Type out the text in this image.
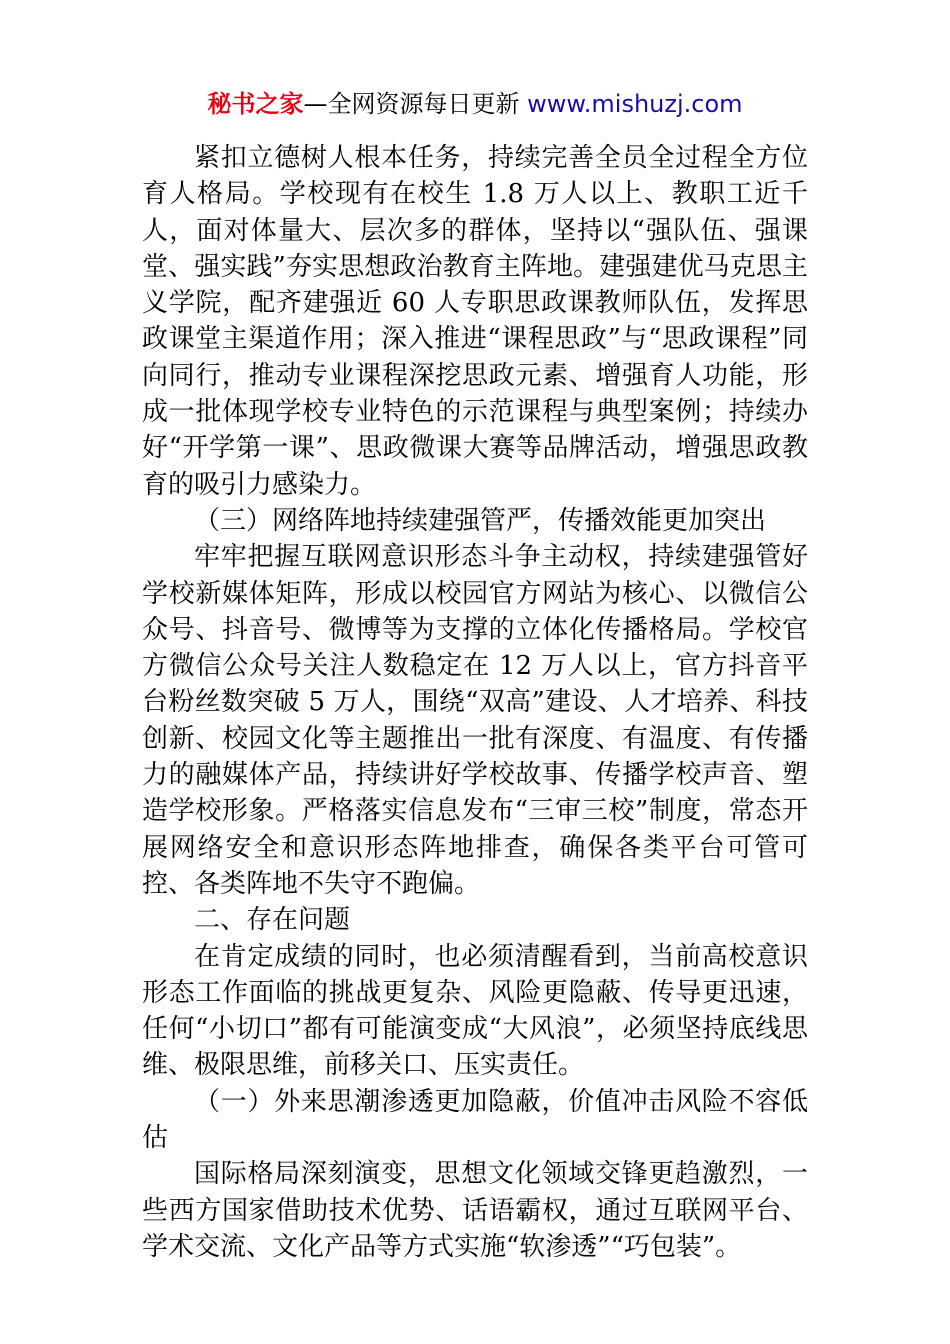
秘书之家—全网资源每日更新 www.mishuzj.com

紧扣立德树人根本任务，持续完善全员全过程全方位育人格局。学校现有在校生 1.8 万人以上、教职工近千人，面对体量大、层次多的群体，坚持以“强队伍、强课堂、强实践”夯实思想政治教育主阵地。建强建优马克思主义学院，配齐建强近 60 人专职思政课教师队伍，发挥思政课堂主渠道作用；深入推进“课程思政”与“思政课程”同向同行，推动专业课程深挖思政元素、增强育人功能，形成一批体现学校专业特色的示范课程与典型案例；持续办好“开学第一课”、思政微课大赛等品牌活动，增强思政教育的吸引力感染力。

（三）网络阵地持续建强管严，传播效能更加突出

牢牢把握互联网意识形态斗争主动权，持续建强管好学校新媒体矩阵，形成以校园官方网站为核心、以微信公众号、抖音号、微博等为支撑的立体化传播格局。学校官方微信公众号关注人数稳定在 12 万人以上，官方抖音平台粉丝数突破 5 万人，围绕“双高”建设、人才培养、科技创新、校园文化等主题推出一批有深度、有温度、有传播力的融媒体产品，持续讲好学校故事、传播学校声音、塑造学校形象。严格落实信息发布“三审三校”制度，常态开展网络安全和意识形态阵地排查，确保各类平台可管可控、各类阵地不失守不跑偏。

二、存在问题

在肯定成绩的同时，也必须清醒看到，当前高校意识形态工作面临的挑战更复杂、风险更隐蔽、传导更迅速，任何“小切口”都有可能演变成“大风浪”，必须坚持底线思维、极限思维，前移关口、压实责任。

（一）外来思潮渗透更加隐蔽，价值冲击风险不容低估

国际格局深刻演变，思想文化领域交锋更趋激烈，一些西方国家借助技术优势、话语霸权，通过互联网平台、学术交流、文化产品等方式实施“软渗透”“巧包装”。
